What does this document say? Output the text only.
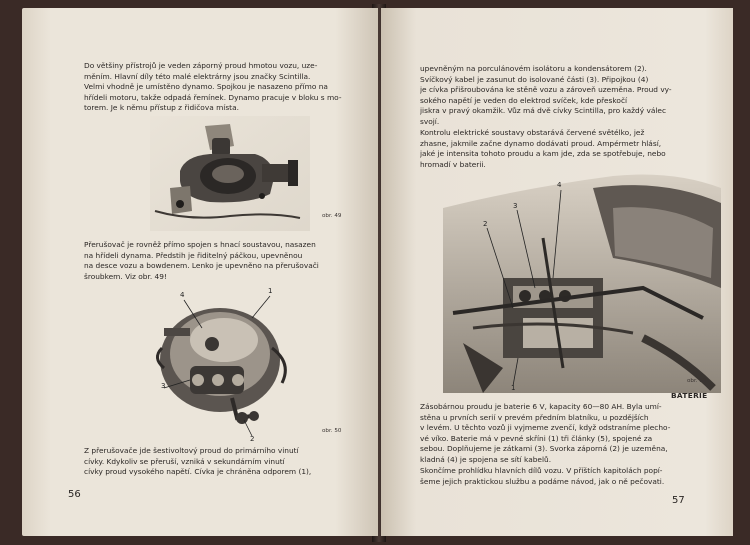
Do většiny přístrojů je veden záporný proud hmotou vozu, uze-
měním. Hlavní díly této malé elektrárny jsou značky Scintilla.
Velmi vhodně je umístěno dynamo. Spojkou je nasazeno přímo na
hřídeli motoru, takže odpadá řemínek. Dynamo pracuje v bloku s mo-
torem. Je k němu přístup z řidičova místa.

obr. 49

Přerušovač je rovněž přímo spojen s hnací soustavou, nasazen
na hřídeli dynama. Předstih je řiditelný páčkou, upevněnou
na desce vozu a bowdenem. Lenko je upevněno na přerušovači
šroubkem. Viz obr. 49!

4	1
3
2
obr. 50

Z přerušovače jde šestivoltový proud do primárního vinutí
cívky. Kdykoliv se přeruší, vzniká v sekundárním vinutí
cívky proud vysokého napětí. Cívka je chráněna odporem (1),

56

upevněným na porculánovém isolátoru a kondensátorem (2).
Svíčkový kabel je zasunut do isolované části (3). Připojkou (4)
je cívka přišroubována ke stěně vozu a zároveň uzeměna. Proud vy-
sokého napětí je veden do elektrod svíček, kde přeskočí
jiskra v pravý okamžik. Vůz má dvě cívky Scintilla, pro každý válec
svojí.

Kontrolu elektrické soustavy obstarává červené světélko, jež
zhasne, jakmile začne dynamo dodávati proud. Ampérmetr hlásí,
jaké je intensita tohoto proudu a kam jde, zda se spotřebuje, nebo
hromadí v baterii.

4
3
2
1
obr. 51
BATERIE

Zásobárnou proudu je baterie 6 V, kapacity 60—80 AH. Byla umí-
stěna u prvních serií v prevém předním blatníku, u pozdějších
v levém. U těchto vozů ji vyjmeme zvenčí, když odstraníme plecho-
vé víko. Baterie má v pevné skříni (1) tři články (5), spojené za
sebou. Doplňujeme je zátkami (3). Svorka záporná (2) je uzeměna,
kladná (4) je spojena se sítí kabelů.

Skončíme prohlídku hlavních dílů vozu. V příštích kapitolách popí-
šeme jejich praktickou službu a podáme návod, jak o ně pečovati.

57
